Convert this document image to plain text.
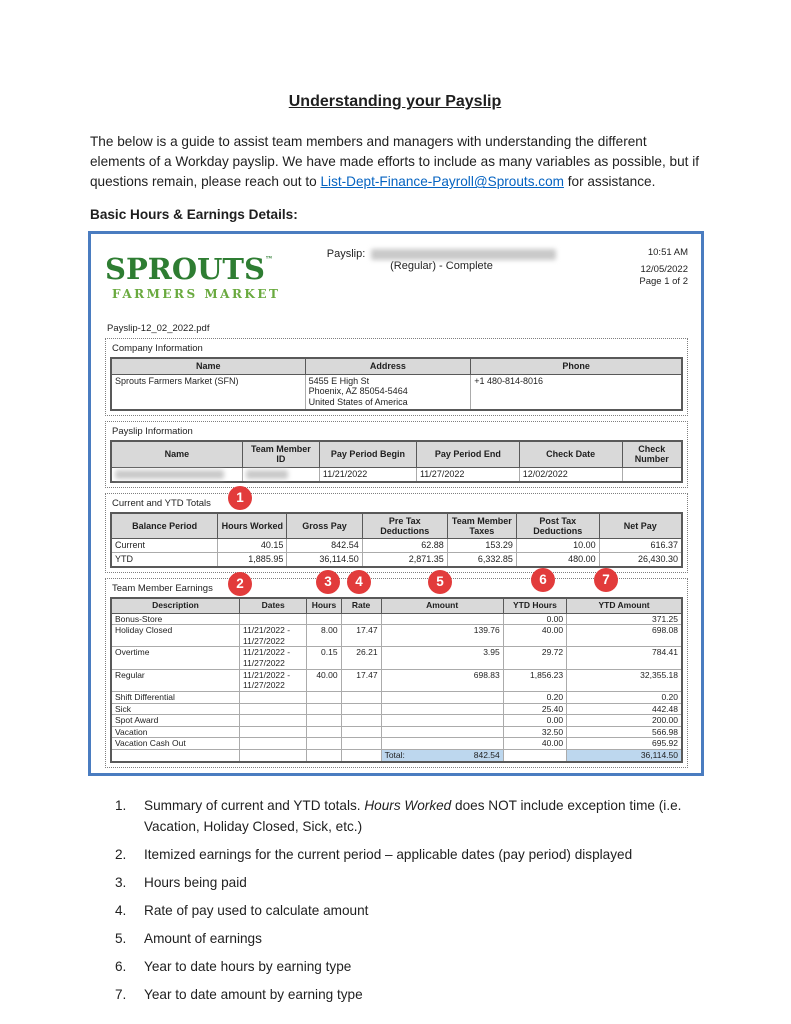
Understanding your Payslip

The below is a guide to assist team members and managers with understanding the different elements of a Workday payslip. We have made efforts to include as many variables as possible, but if questions remain, please reach out to List-Dept-Finance-Payroll@Sprouts.com for assistance.

Basic Hours & Earnings Details:
SPROUTS™
FARMERS MARKET
Payslip:
(Regular) - Complete
10:51 AM
12/05/2022
Page 1 of 2
Payslip-12_02_2022.pdf
Company Information
Name	Address	Phone
Sprouts Farmers Market (SFN)	5455 E High St
Phoenix, AZ 85054-5464
United States of America	+1 480-814-8016
Payslip Information
Name	Team Member ID	Pay Period Begin	Pay Period End	Check Date	Check Number
		11/21/2022	11/27/2022	12/02/2022	
1
Current and YTD Totals
Balance Period	Hours Worked	Gross Pay	Pre Tax Deductions	Team Member Taxes	Post Tax Deductions	Net Pay
Current	40.15	842.54	62.88	153.29	10.00	616.37
YTD	1,885.95	36,114.50	2,871.35	6,332.85	480.00	26,430.30
2	3	4	5	6	7
Team Member Earnings
Description	Dates	Hours	Rate	Amount	YTD Hours	YTD Amount
Bonus-Store					0.00	371.25
Holiday Closed	11/21/2022 - 11/27/2022	8.00	17.47	139.76	40.00	698.08
Overtime	11/21/2022 - 11/27/2022	0.15	26.21	3.95	29.72	784.41
Regular	11/21/2022 - 11/27/2022	40.00	17.47	698.83	1,856.23	32,355.18
Shift Differential					0.20	0.20
Sick					25.40	442.48
Spot Award					0.00	200.00
Vacation					32.50	566.98
Vacation Cash Out					40.00	695.92

				Total: 842.54		36,114.50
1.	Summary of current and YTD totals. Hours Worked does NOT include exception time (i.e. Vacation, Holiday Closed, Sick, etc.)
2.	Itemized earnings for the current period – applicable dates (pay period) displayed
3.	Hours being paid
4.	Rate of pay used to calculate amount
5.	Amount of earnings
6.	Year to date hours by earning type
7.	Year to date amount by earning type
